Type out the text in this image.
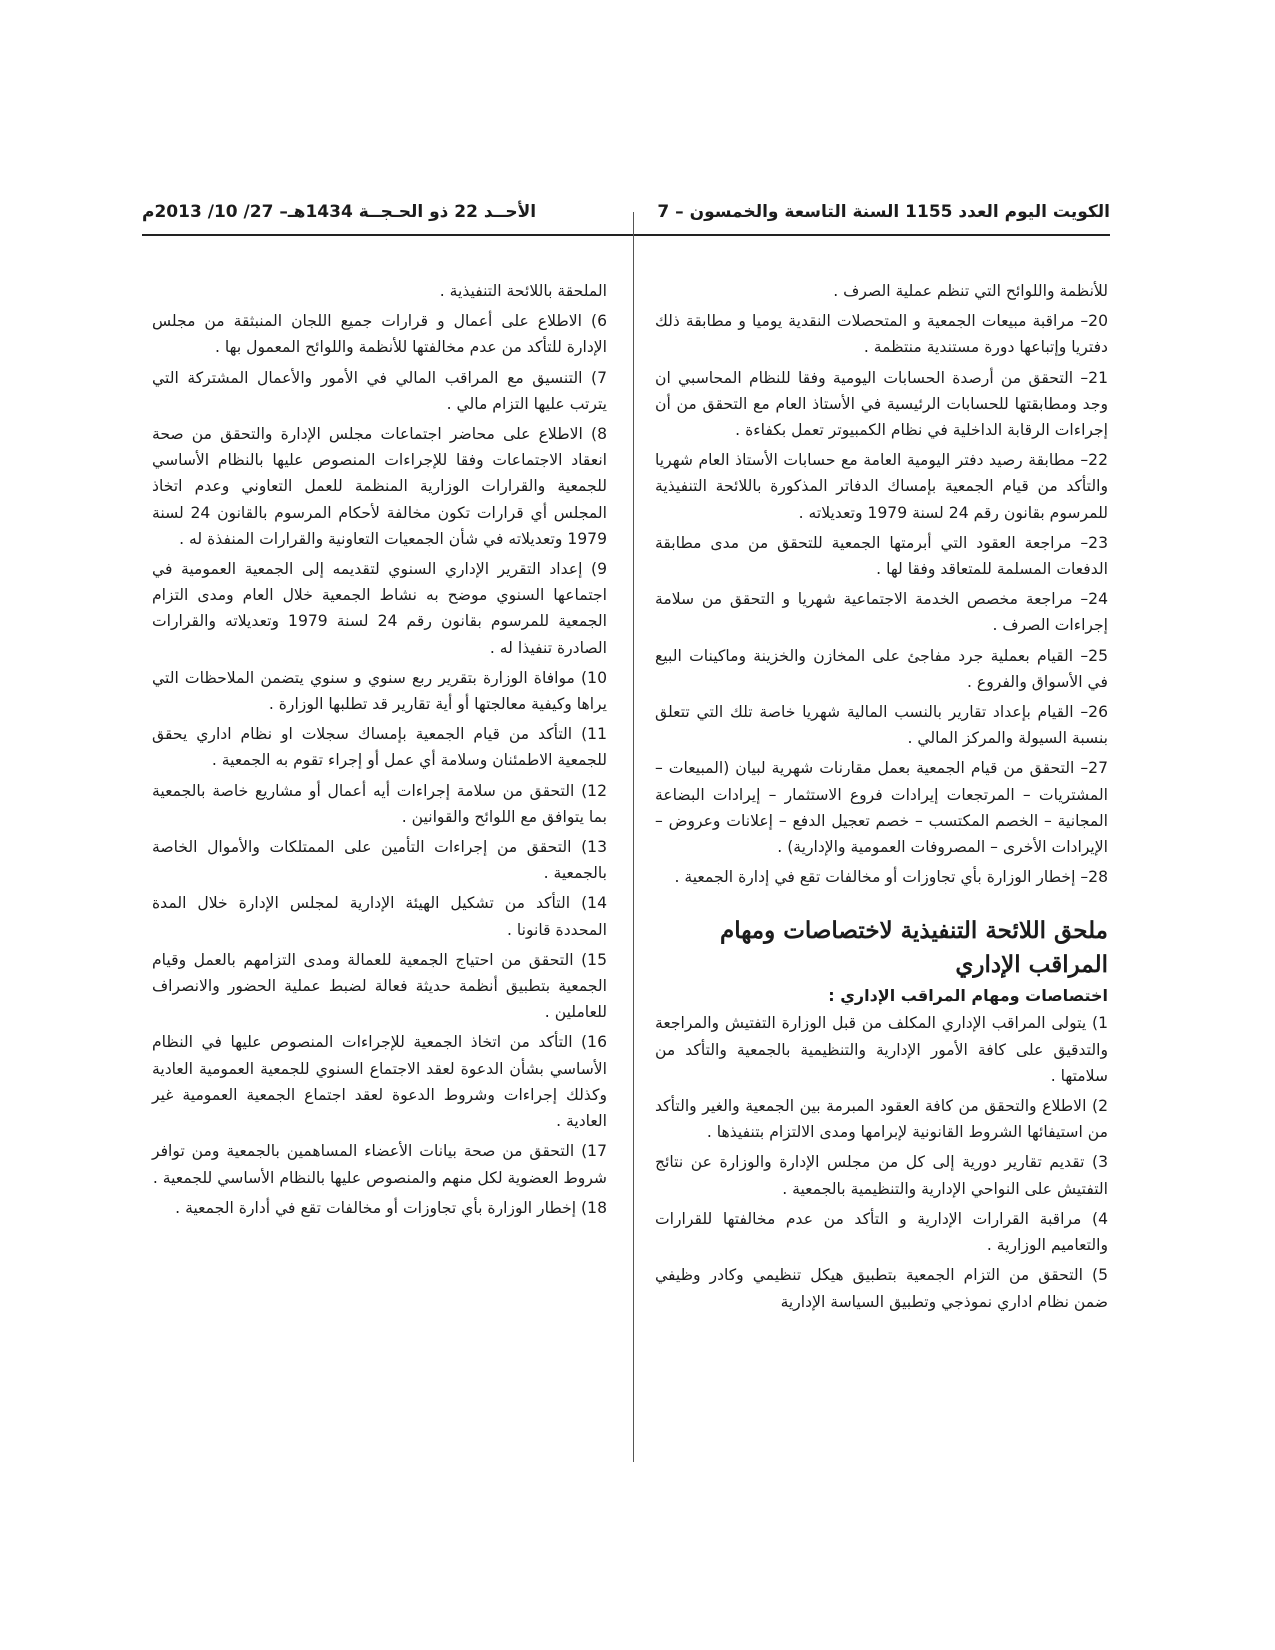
الكويت اليوم العدد 1155 السنة التاسعة والخمسون – 7
الأحــد 22 ذو الحـجــة 1434هـ– 27/ 10/ 2013م

للأنظمة واللوائح التي تنظم عملية الصرف .

20– مراقبة مبيعات الجمعية و المتحصلات النقدية يوميا و مطابقة ذلك دفتريا وإتباعها دورة مستندية منتظمة .

21– التحقق من أرصدة الحسابات اليومية وفقا للنظام المحاسبي ان وجد ومطابقتها للحسابات الرئيسية في الأستاذ العام مع التحقق من أن إجراءات الرقابة الداخلية في نظام الكمبيوتر تعمل بكفاءة .

22– مطابقة رصيد دفتر اليومية العامة مع حسابات الأستاذ العام شهريا والتأكد من قيام الجمعية بإمساك الدفاتر المذكورة باللائحة التنفيذية للمرسوم بقانون رقم 24 لسنة 1979 وتعديلاته .

23– مراجعة العقود التي أبرمتها الجمعية للتحقق من مدى مطابقة الدفعات المسلمة للمتعاقد وفقا لها .

24– مراجعة مخصص الخدمة الاجتماعية شهريا و التحقق من سلامة إجراءات الصرف .

25– القيام بعملية جرد مفاجئ على المخازن والخزينة وماكينات البيع في الأسواق والفروع .

26– القيام بإعداد تقارير بالنسب المالية شهريا خاصة تلك التي تتعلق بنسبة السيولة والمركز المالي .

27– التحقق من قيام الجمعية بعمل مقارنات شهرية لبيان (المبيعات – المشتريات – المرتجعات إيرادات فروع الاستثمار – إيرادات البضاعة المجانية – الخصم المكتسب – خصم تعجيل الدفع – إعلانات وعروض – الإيرادات الأخرى – المصروفات العمومية والإدارية) .

28– إخطار الوزارة بأي تجاوزات أو مخالفات تقع في إدارة الجمعية .

ملحق اللائحة التنفيذية لاختصاصات ومهام المراقب الإداري
اختصاصات ومهام المراقب الإداري :

1) يتولى المراقب الإداري المكلف من قبل الوزارة التفتيش والمراجعة والتدقيق على كافة الأمور الإدارية والتنظيمية بالجمعية والتأكد من سلامتها .

2) الاطلاع والتحقق من كافة العقود المبرمة بين الجمعية والغير والتأكد من استيفائها الشروط القانونية لإبرامها ومدى الالتزام بتنفيذها .

3) تقديم تقارير دورية إلى كل من مجلس الإدارة والوزارة عن نتائج التفتيش على النواحي الإدارية والتنظيمية بالجمعية .

4) مراقبة القرارات الإدارية و التأكد من عدم مخالفتها للقرارات والتعاميم الوزارية .

5) التحقق من التزام الجمعية بتطبيق هيكل تنظيمي وكادر وظيفي ضمن نظام اداري نموذجي وتطبيق السياسة الإدارية

الملحقة باللائحة التنفيذية .

6) الاطلاع على أعمال و قرارات جميع اللجان المنبثقة من مجلس الإدارة للتأكد من عدم مخالفتها للأنظمة واللوائح المعمول بها .

7) التنسيق مع المراقب المالي في الأمور والأعمال المشتركة التي يترتب عليها التزام مالي .

8) الاطلاع على محاضر اجتماعات مجلس الإدارة والتحقق من صحة انعقاد الاجتماعات وفقا للإجراءات المنصوص عليها بالنظام الأساسي للجمعية والقرارات الوزارية المنظمة للعمل التعاوني وعدم اتخاذ المجلس أي قرارات تكون مخالفة لأحكام المرسوم بالقانون 24 لسنة 1979 وتعديلاته في شأن الجمعيات التعاونية والقرارات المنفذة له .

9) إعداد التقرير الإداري السنوي لتقديمه إلى الجمعية العمومية في اجتماعها السنوي موضح به نشاط الجمعية خلال العام ومدى التزام الجمعية للمرسوم بقانون رقم 24 لسنة 1979 وتعديلاته والقرارات الصادرة تنفيذا له .

10) موافاة الوزارة بتقرير ربع سنوي و سنوي يتضمن الملاحظات التي يراها وكيفية معالجتها أو أية تقارير قد تطلبها الوزارة .

11) التأكد من قيام الجمعية بإمساك سجلات او نظام اداري يحقق للجمعية الاطمئنان وسلامة أي عمل أو إجراء تقوم به الجمعية .

12) التحقق من سلامة إجراءات أيه أعمال أو مشاريع خاصة بالجمعية بما يتوافق مع اللوائح والقوانين .

13) التحقق من إجراءات التأمين على الممتلكات والأموال الخاصة بالجمعية .

14) التأكد من تشكيل الهيئة الإدارية لمجلس الإدارة خلال المدة المحددة قانونا .

15) التحقق من احتياج الجمعية للعمالة ومدى التزامهم بالعمل وقيام الجمعية بتطبيق أنظمة حديثة فعالة لضبط عملية الحضور والانصراف للعاملين .

16) التأكد من اتخاذ الجمعية للإجراءات المنصوص عليها في النظام الأساسي بشأن الدعوة لعقد الاجتماع السنوي للجمعية العمومية العادية وكذلك إجراءات وشروط الدعوة لعقد اجتماع الجمعية العمومية غير العادية .

17) التحقق من صحة بيانات الأعضاء المساهمين بالجمعية ومن توافر شروط العضوية لكل منهم والمنصوص عليها بالنظام الأساسي للجمعية .

18) إخطار الوزارة بأي تجاوزات أو مخالفات تقع في أدارة الجمعية .
